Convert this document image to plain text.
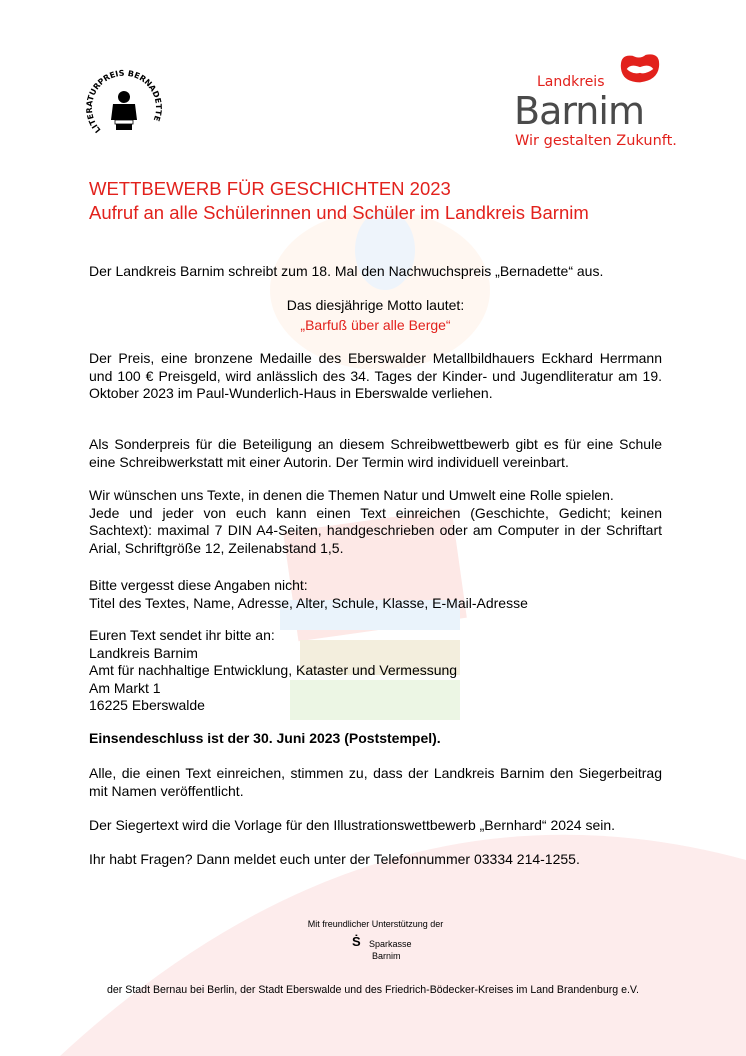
LITERATURPREIS BERNADETTE
Landkreis
Barnim
Wir gestalten Zukunft.
WETTBEWERB FÜR GESCHICHTEN 2023
Aufruf an alle Schülerinnen und Schüler im Landkreis Barnim
Der Landkreis Barnim schreibt zum 18. Mal den Nachwuchspreis „Bernadette“ aus.
Das diesjährige Motto lautet:
„Barfuß über alle Berge“
Der Preis, eine bronzene Medaille des Eberswalder Metallbildhauers Eckhard Herrmann und 100 € Preisgeld, wird anlässlich des 34. Tages der Kinder- und Jugendliteratur am 19. Oktober 2023 im Paul-Wunderlich-Haus in Eberswalde verliehen.
Als Sonderpreis für die Beteiligung an diesem Schreibwettbewerb gibt es für eine Schule eine Schreibwerkstatt mit einer Autorin. Der Termin wird individuell vereinbart.
Wir wünschen uns Texte, in denen die Themen Natur und Umwelt eine Rolle spielen.
Jede und jeder von euch kann einen Text einreichen (Geschichte, Gedicht; keinen Sachtext): maximal 7 DIN A4-Seiten, handgeschrieben oder am Computer in der Schriftart Arial, Schriftgröße 12, Zeilenabstand 1,5.
Bitte vergesst diese Angaben nicht:
Titel des Textes, Name, Adresse, Alter, Schule, Klasse, E-Mail-Adresse
Euren Text sendet ihr bitte an:
Landkreis Barnim
Amt für nachhaltige Entwicklung, Kataster und Vermessung
Am Markt 1
16225 Eberswalde
Einsendeschluss ist der 30. Juni 2023 (Poststempel).
Alle, die einen Text einreichen, stimmen zu, dass der Landkreis Barnim den Siegerbeitrag mit Namen veröffentlicht.
Der Siegertext wird die Vorlage für den Illustrationswettbewerb „Bernhard“ 2024 sein.
Ihr habt Fragen? Dann meldet euch unter der Telefonnummer 03334 214-1255.
Mit freundlicher Unterstützung der
Ṡ Sparkasse
Barnim
der Stadt Bernau bei Berlin, der Stadt Eberswalde und des Friedrich-Bödecker-Kreises im Land Brandenburg e.V.
